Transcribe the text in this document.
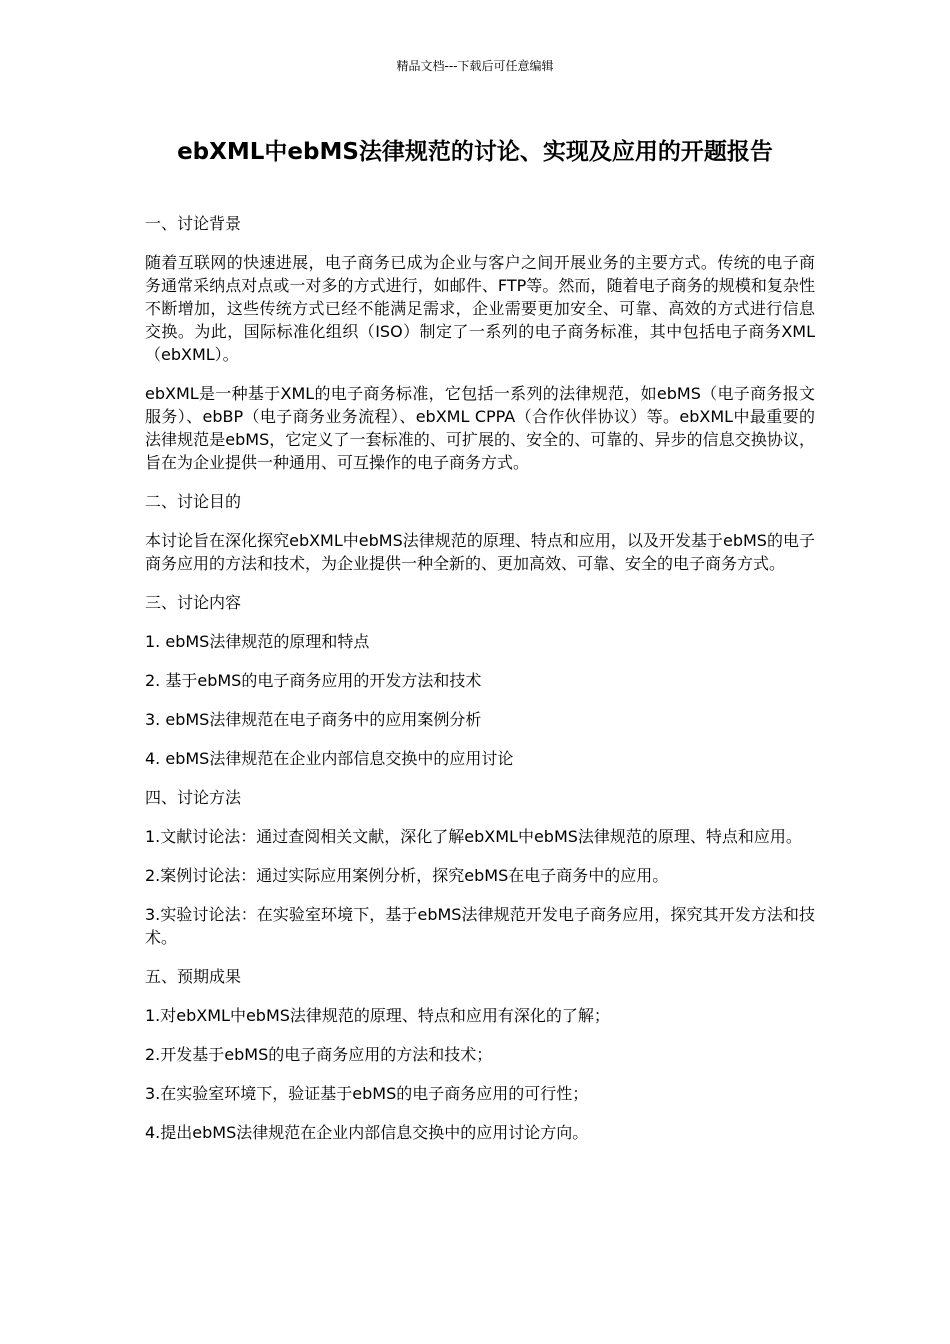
精品文档---下载后可任意编辑
ebXML中ebMS法律规范的讨论、实现及应用的开题报告

一、讨论背景

随着互联网的快速进展，电子商务已成为企业与客户之间开展业务的主要方式。传统的电子商务通常采纳点对点或一对多的方式进行，如邮件、FTP等。然而，随着电子商务的规模和复杂性不断增加，这些传统方式已经不能满足需求，企业需要更加安全、可靠、高效的方式进行信息交换。为此，国际标准化组织（ISO）制定了一系列的电子商务标准，其中包括电子商务XML（ebXML）。

ebXML是一种基于XML的电子商务标准，它包括一系列的法律规范，如ebMS（电子商务报文服务）、ebBP（电子商务业务流程）、ebXML CPPA（合作伙伴协议）等。ebXML中最重要的法律规范是ebMS，它定义了一套标准的、可扩展的、安全的、可靠的、异步的信息交换协议，旨在为企业提供一种通用、可互操作的电子商务方式。

二、讨论目的

本讨论旨在深化探究ebXML中ebMS法律规范的原理、特点和应用，以及开发基于ebMS的电子商务应用的方法和技术，为企业提供一种全新的、更加高效、可靠、安全的电子商务方式。

三、讨论内容

1. ebMS法律规范的原理和特点

2. 基于ebMS的电子商务应用的开发方法和技术

3. ebMS法律规范在电子商务中的应用案例分析

4. ebMS法律规范在企业内部信息交换中的应用讨论

四、讨论方法

1.文献讨论法：通过查阅相关文献，深化了解ebXML中ebMS法律规范的原理、特点和应用。

2.案例讨论法：通过实际应用案例分析，探究ebMS在电子商务中的应用。

3.实验讨论法：在实验室环境下，基于ebMS法律规范开发电子商务应用，探究其开发方法和技术。

五、预期成果

1.对ebXML中ebMS法律规范的原理、特点和应用有深化的了解；

2.开发基于ebMS的电子商务应用的方法和技术；

3.在实验室环境下，验证基于ebMS的电子商务应用的可行性；

4.提出ebMS法律规范在企业内部信息交换中的应用讨论方向。
